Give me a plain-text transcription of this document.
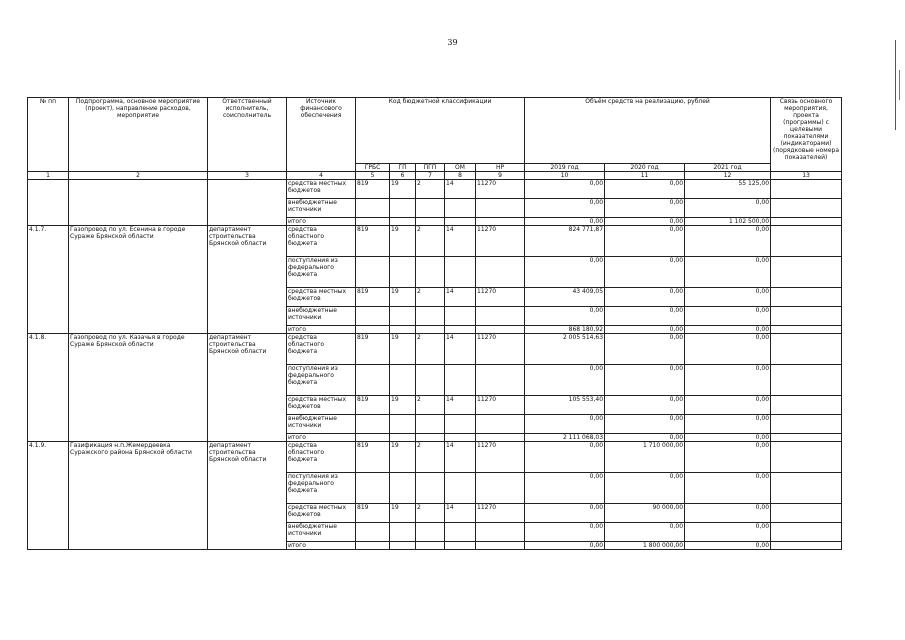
39
№ пп	Подпрограмма, основное мероприятие (проект), направление расходов, мероприятие	Ответственный исполнитель, соисполнитель	Источник финансового обеспечения	Код бюджетной классификации					Объём средств на реализацию, рублей			Связь основного мероприятия, проекта (программы) с целевыми показателями (индикаторами) (порядковые номера показателей)
				ГРБС	ГП	ПГП	ОМ	НР	2019 год	2020 год	2021 год	
1	2	3	4	5	6	7	8	9	10	11	12	13
			средства местных бюджетов	819	19	2	14	11270	0,00	0,00	55 125,00	
			внебюджетные источники						0,00	0,00	0,00	
			итого						0,00	0,00	1 102 500,00	
4.1.7.	Газопровод по ул. Есенина в городе Сураже Брянской области	департамент строительства Брянской области	средства областного бюджета	819	19	2	14	11270	824 771,87	0,00	0,00	
			поступления из федерального бюджета						0,00	0,00	0,00	
			средства местных бюджетов	819	19	2	14	11270	43 409,05	0,00	0,00	
			внебюджетные источники						0,00	0,00	0,00	
			итого						868 180,92	0,00	0,00	
4.1.8.	Газопровод по ул. Казачья в городе Сураже Брянской области	департамент строительства Брянской области	средства областного бюджета	819	19	2	14	11270	2 005 514,63	0,00	0,00	
			поступления из федерального бюджета						0,00	0,00	0,00	
			средства местных бюджетов	819	19	2	14	11270	105 553,40	0,00	0,00	
			внебюджетные источники						0,00	0,00	0,00	
			итого						2 111 068,03	0,00	0,00	
4.1.9.	Газификация н.п.Жемердеевка Суражского района Брянской области	департамент строительства Брянской области	средства областного бюджета	819	19	2	14	11270	0,00	1 710 000,00	0,00	
			поступления из федерального бюджета						0,00	0,00	0,00	
			средства местных бюджетов	819	19	2	14	11270	0,00	90 000,00	0,00	
			внебюджетные источники						0,00	0,00	0,00	
			итого						0,00	1 800 000,00	0,00	
